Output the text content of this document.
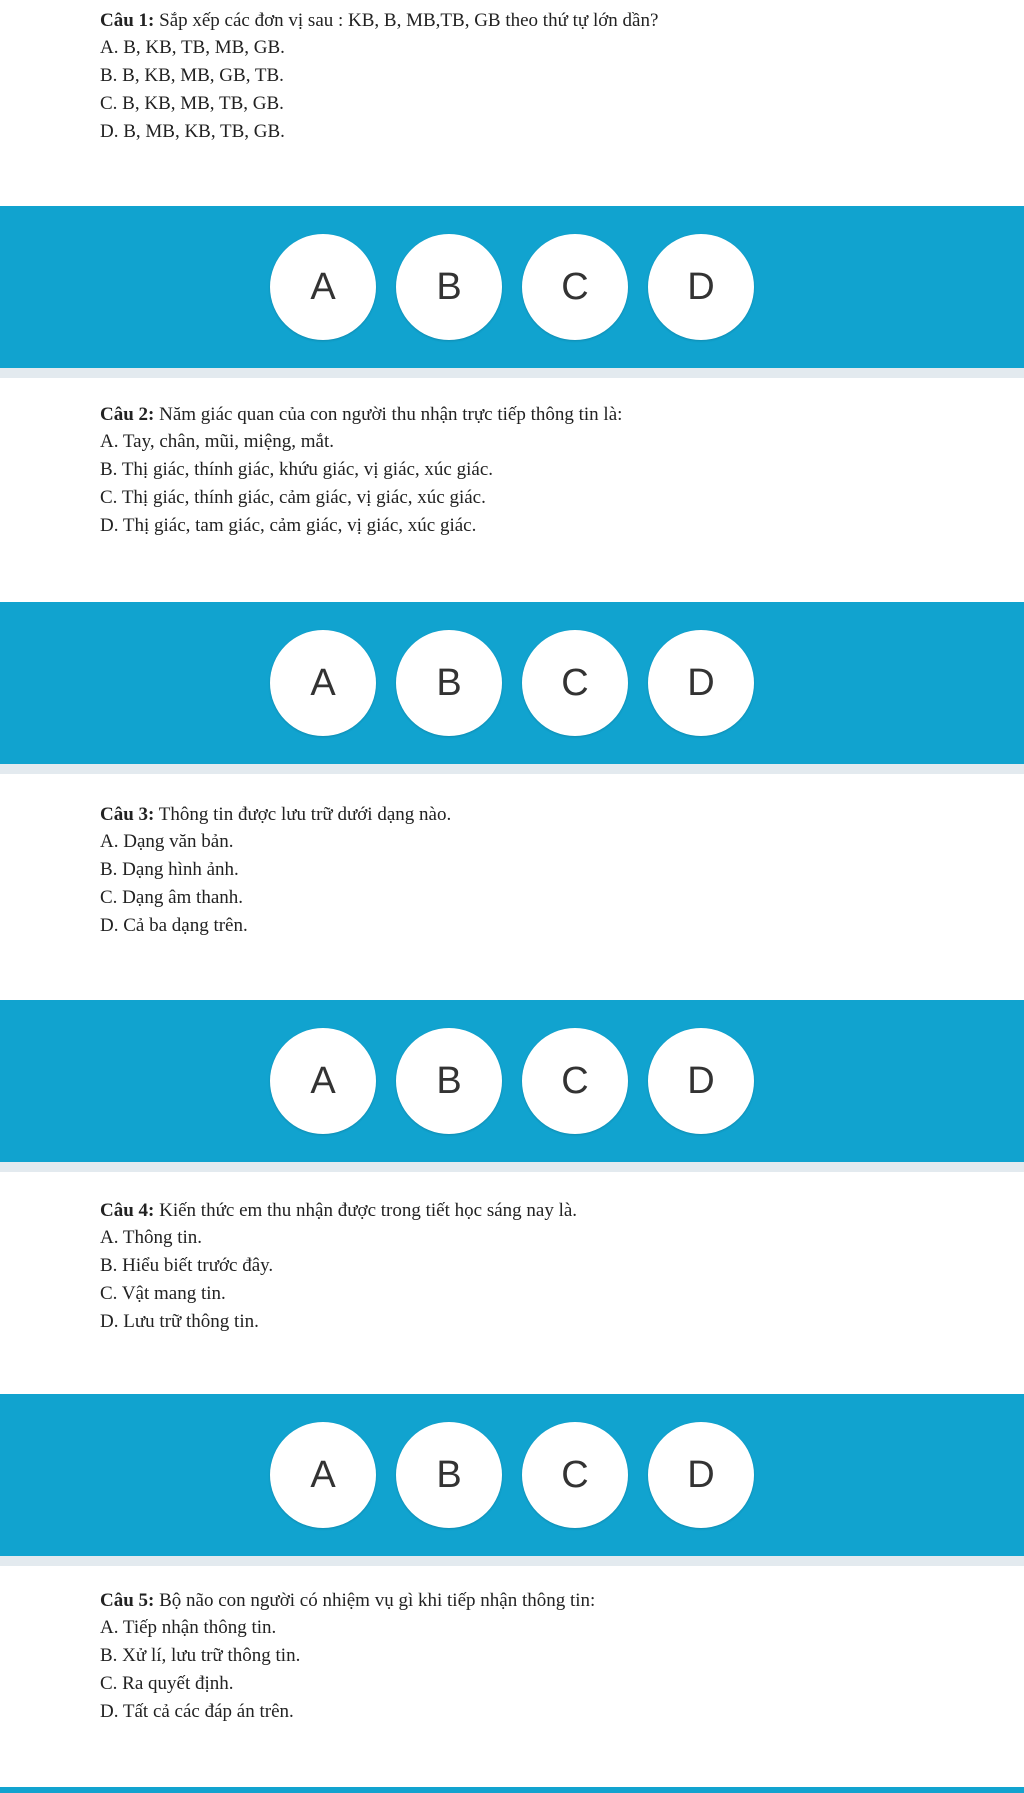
Câu 1: Sắp xếp các đơn vị sau : KB, B, MB,TB, GB theo thứ tự lớn dần?

A. B, KB, TB, MB, GB.

B. B, KB, MB, GB, TB.

C. B, KB, MB, TB, GB.

D. B, MB, KB, TB, GB.

A	B	C	D

Câu 2: Năm giác quan của con người thu nhận trực tiếp thông tin là:

A. Tay, chân, mũi, miệng, mắt.

B. Thị giác, thính giác, khứu giác, vị giác, xúc giác.

C. Thị giác, thính giác, cảm giác, vị giác, xúc giác.

D. Thị giác, tam giác, cảm giác, vị giác, xúc giác.

A	B	C	D

Câu 3: Thông tin được lưu trữ dưới dạng nào.

A. Dạng văn bản.

B. Dạng hình ảnh.

C. Dạng âm thanh.

D. Cả ba dạng trên.

A	B	C	D

Câu 4: Kiến thức em thu nhận được trong tiết học sáng nay là.

A. Thông tin.

B. Hiểu biết trước đây.

C. Vật mang tin.

D. Lưu trữ thông tin.

A	B	C	D

Câu 5: Bộ não con người có nhiệm vụ gì khi tiếp nhận thông tin:

A. Tiếp nhận thông tin.

B. Xử lí, lưu trữ thông tin.

C. Ra quyết định.

D. Tất cả các đáp án trên.
